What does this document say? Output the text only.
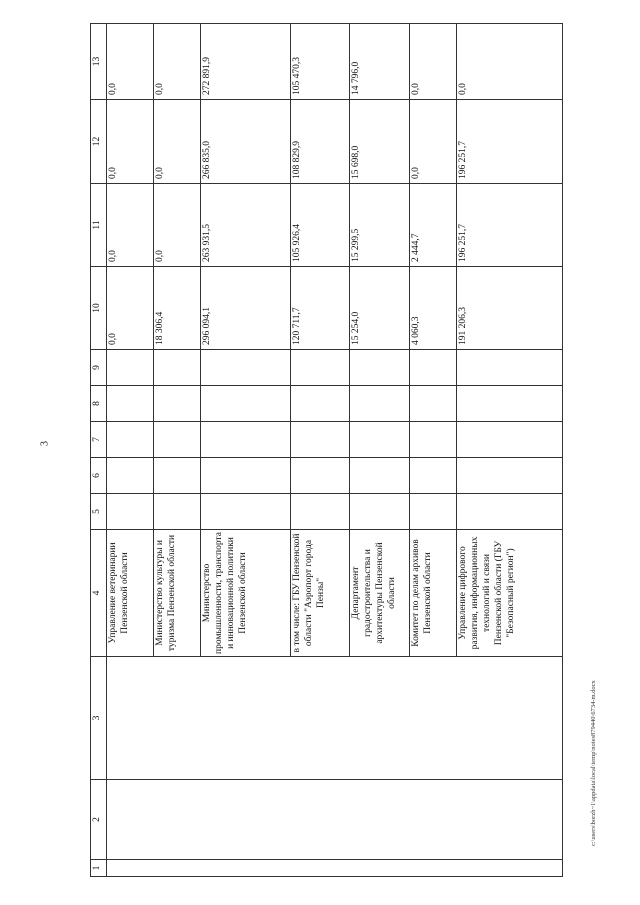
3
c:\users\borzh~1\appdata\local\temp\notes879440\6734-m.docx
1	2	3	4	5	6	7	8	9	10	11	12	13
			Управление ветеринарии Пензенской области						0,0	0,0	0,0	0,0
			Министерство культуры и туризма Пензенской области						18 306,4	0,0	0,0	0,0
			Министерство промышленности, транспорта и инновационной политики Пензенской области						296 094,1	263 931,5	266 835,0	272 891,9
			в том числе: ГБУ Пензенской области "Аэропорт города Пензы"						120 711,7	105 926,4	108 829,9	105 470,3
			Департамент градостроительства и архитектуры Пензенской области						15 254,0	15 299,5	15 698,0	14 796,0
			Комитет по делам архивов Пензенской области						4 060,3	2 444,7	0,0	0,0
			Управление цифрового развития, информационных технологий и связи Пензенской области (ГБУ "Безопасный регион")						191 206,3	196 251,7	196 251,7	0,0
